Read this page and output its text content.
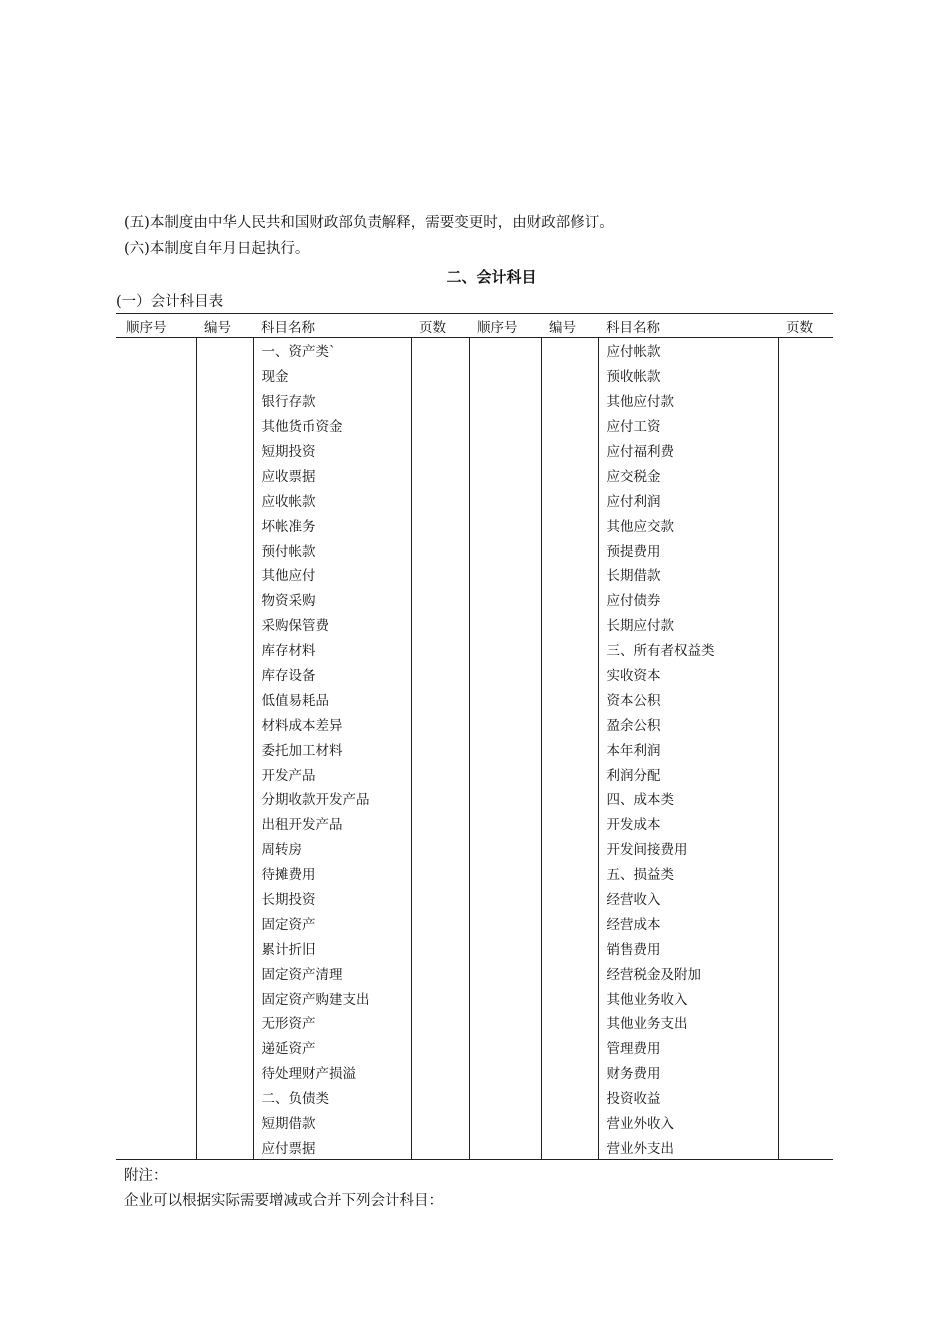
(五)本制度由中华人民共和国财政部负责解释，需要变更时，由财政部修订。
(六)本制度自年月日起执行。
二、会计科目
(一）会计科目表
顺序号	编号	科目名称	页数	顺序号	编号	科目名称	页数
		一、资产类`				应付帐款	
		现金				预收帐款	
		银行存款				其他应付款	
		其他货币资金				应付工资	
		短期投资				应付福利费	
		应收票据				应交税金	
		应收帐款				应付利润	
		坏帐准务				其他应交款	
		预付帐款				预提费用	
		其他应付				长期借款	
		物资采购				应付债券	
		采购保管费				长期应付款	
		库存材料				三、所有者权益类	
		库存设备				实收资本	
		低值易耗品				资本公积	
		材料成本差异				盈余公积	
		委托加工材料				本年利润	
		开发产品				利润分配	
		分期收款开发产品				四、成本类	
		出租开发产品				开发成本	
		周转房				开发间接费用	
		待摊费用				五、损益类	
		长期投资				经营收入	
		固定资产				经营成本	
		累计折旧				销售费用	
		固定资产清理				经营税金及附加	
		固定资产购建支出				其他业务收入	
		无形资产				其他业务支出	
		递延资产				管理费用	
		待处理财产损溢				财务费用	
		二、负债类				投资收益	
		短期借款				营业外收入	
		应付票据				营业外支出	
附注：
企业可以根据实际需要增减或合并下列会计科目：
